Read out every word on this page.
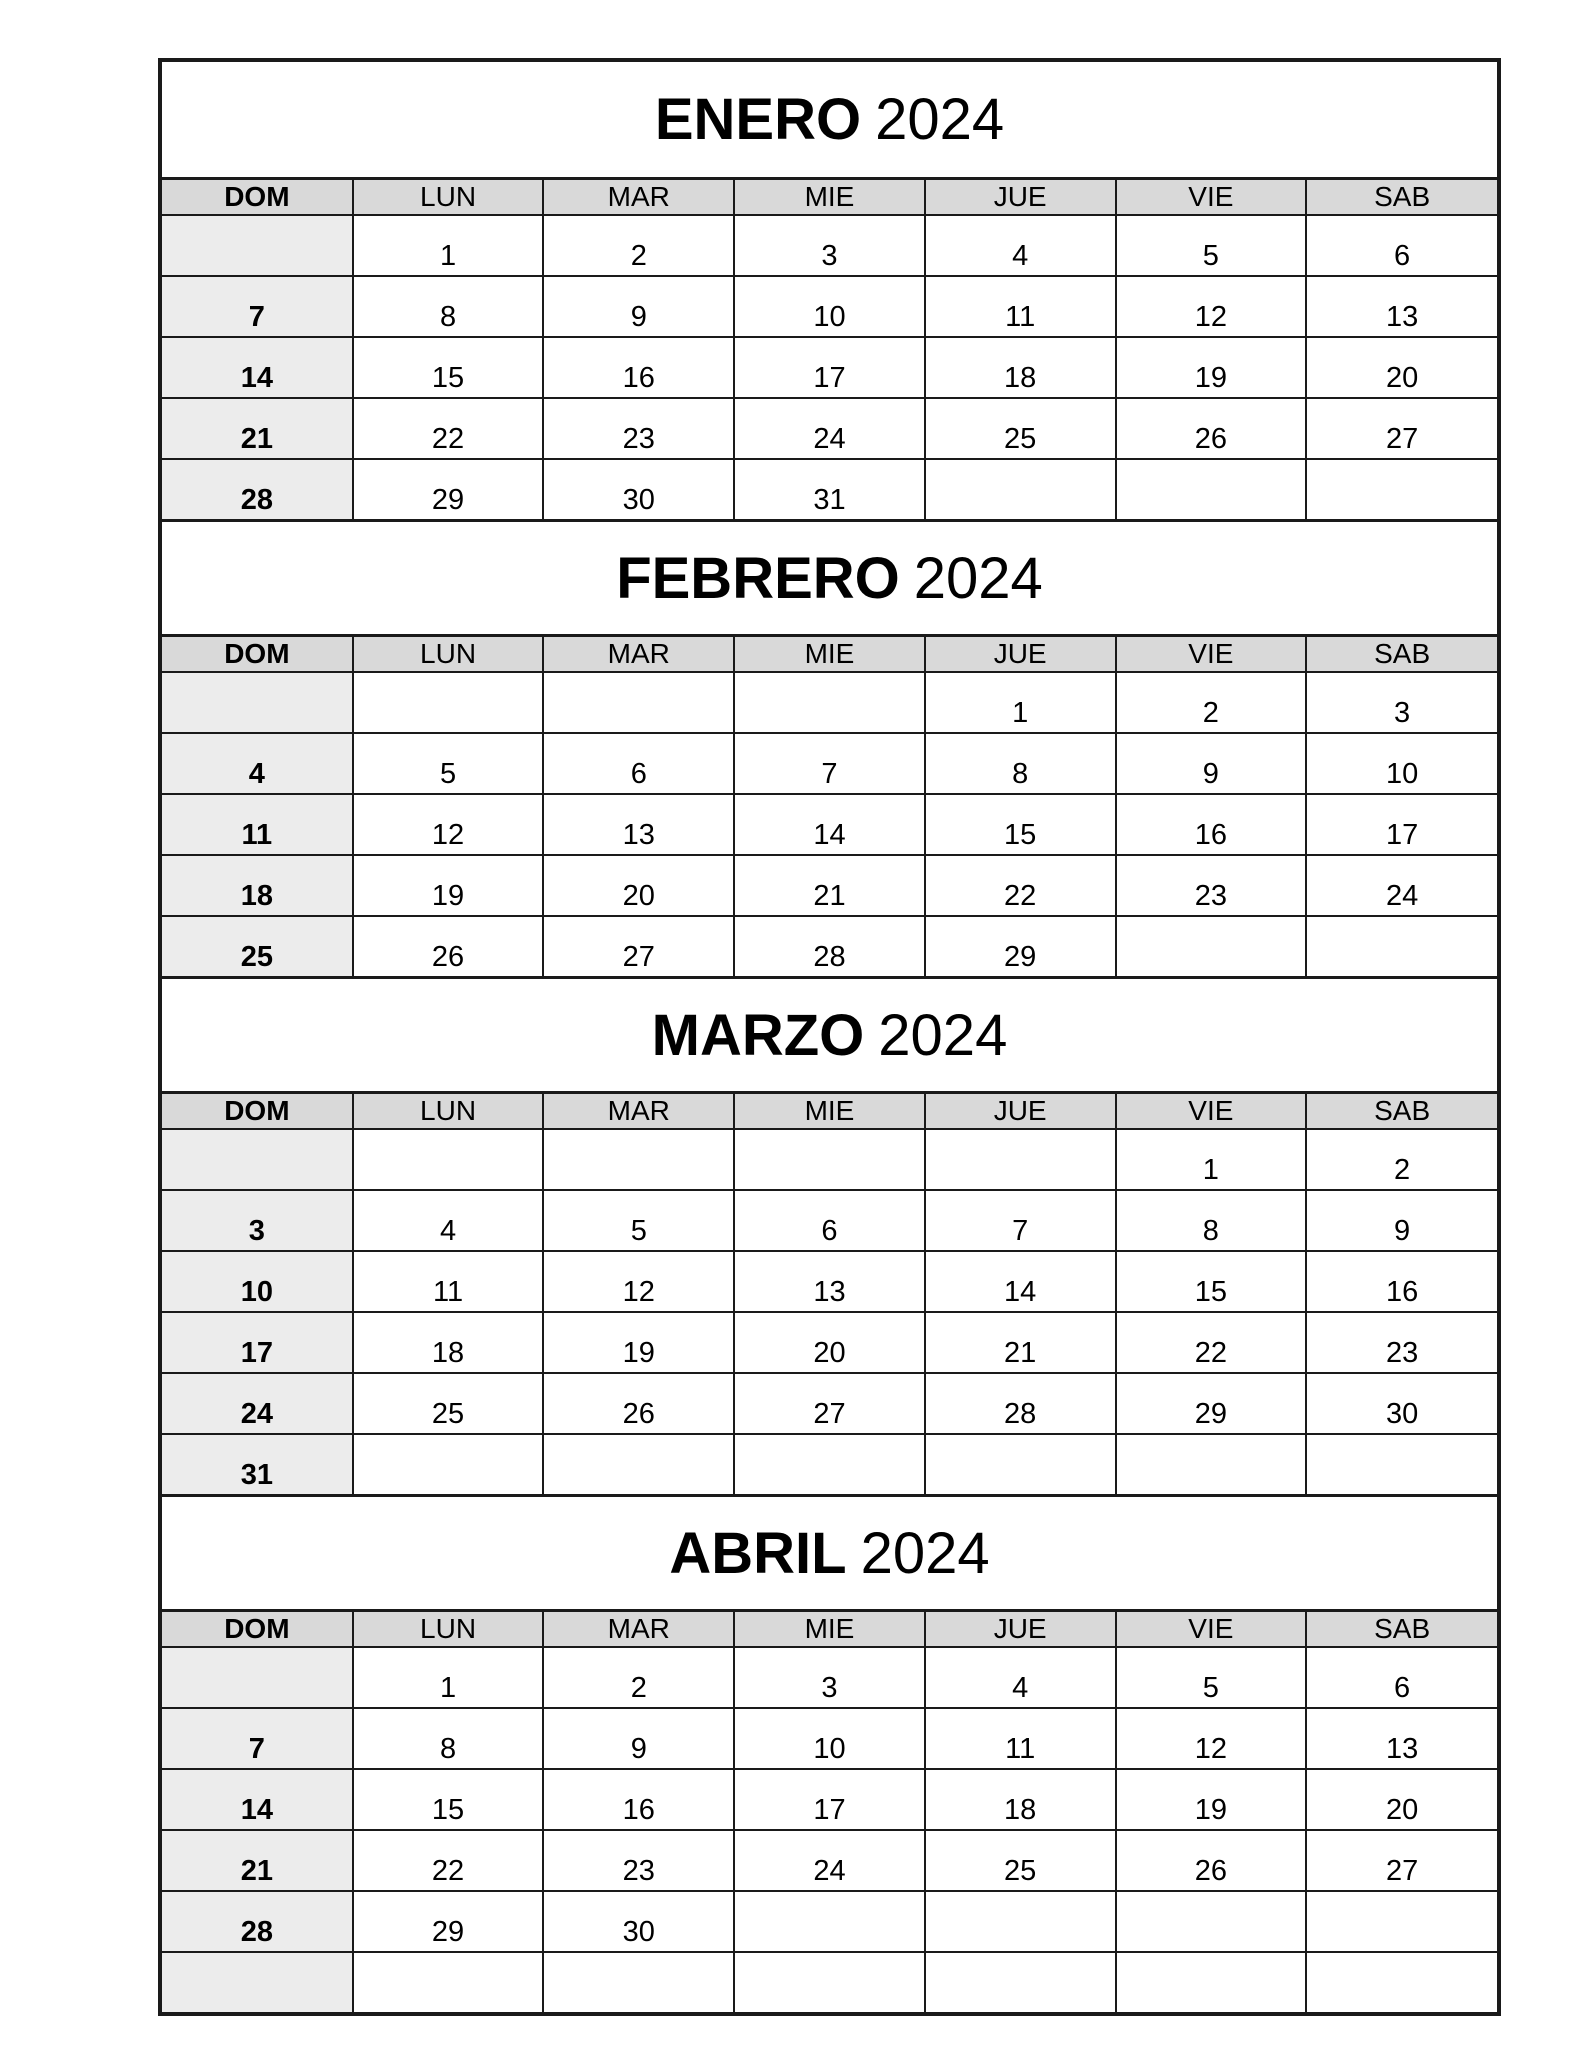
ENERO 2024
DOM	LUN	MAR	MIE	JUE	VIE	SAB
	1	2	3	4	5	6
7	8	9	10	11	12	13
14	15	16	17	18	19	20
21	22	23	24	25	26	27
28	29	30	31			
FEBRERO 2024
DOM	LUN	MAR	MIE	JUE	VIE	SAB
				1	2	3
4	5	6	7	8	9	10
11	12	13	14	15	16	17
18	19	20	21	22	23	24
25	26	27	28	29		
MARZO 2024
DOM	LUN	MAR	MIE	JUE	VIE	SAB
					1	2
3	4	5	6	7	8	9
10	11	12	13	14	15	16
17	18	19	20	21	22	23
24	25	26	27	28	29	30
31						
ABRIL 2024
DOM	LUN	MAR	MIE	JUE	VIE	SAB
	1	2	3	4	5	6
7	8	9	10	11	12	13
14	15	16	17	18	19	20
21	22	23	24	25	26	27
28	29	30				
